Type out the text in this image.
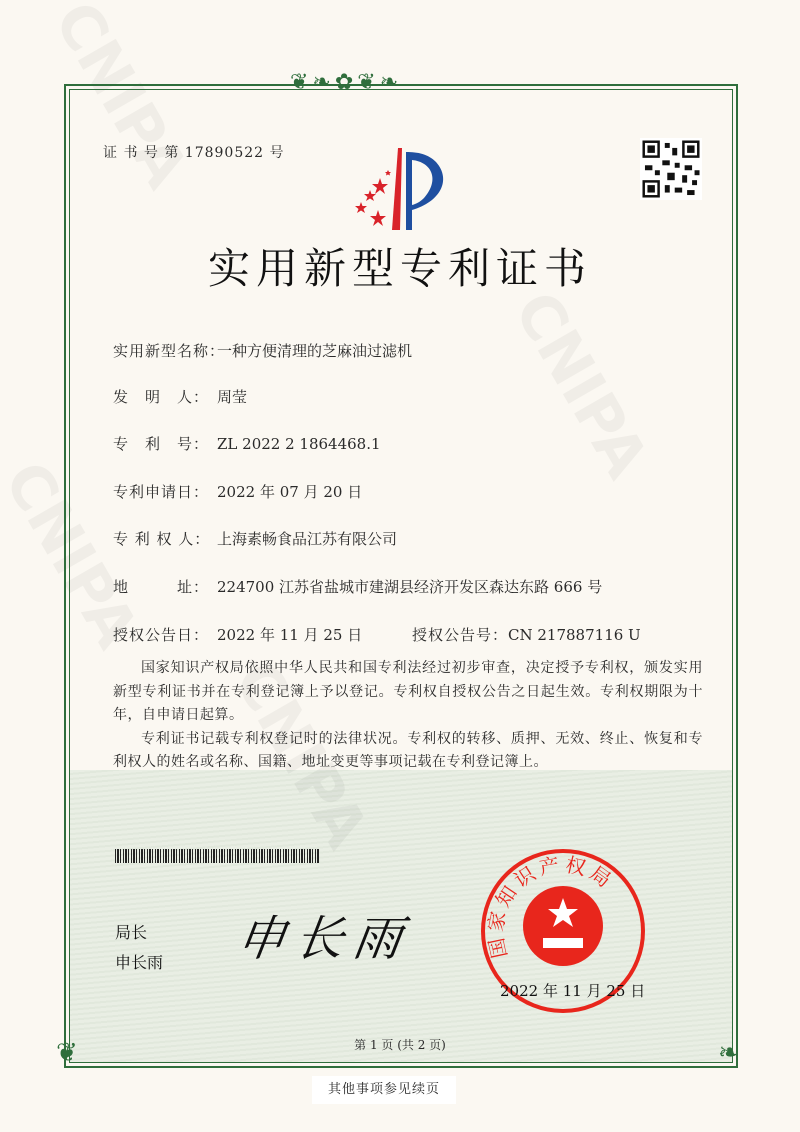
❦❧✿❦❧
❦	❧
证 书 号 第 17890522 号
实用新型专利证书
实用新型名称：一种方便清理的芝麻油过滤机
发　明　人： 周莹
专　利　号： ZL 2022 2 1864468.1
专利申请日： 2022 年 07 月 20 日
专 利 权 人： 上海素畅食品江苏有限公司
地　　　址： 224700 江苏省盐城市建湖县经济开发区森达东路 666 号
授权公告日： 2022 年 11 月 25 日	授权公告号：CN 217887116 U

国家知识产权局依照中华人民共和国专利法经过初步审查，决定授予专利权，颁发实用新型专利证书并在专利登记簿上予以登记。专利权自授权公告之日起生效。专利权期限为十年，自申请日起算。

专利证书记载专利权登记时的法律状况。专利权的转移、质押、无效、终止、恢复和专利权人的姓名或名称、国籍、地址变更等事项记载在专利登记簿上。

局长
申长雨 申长雨	国家知识产权局
2022 年 11 月 25 日
第 1 页 (共 2 页)
其他事项参见续页
